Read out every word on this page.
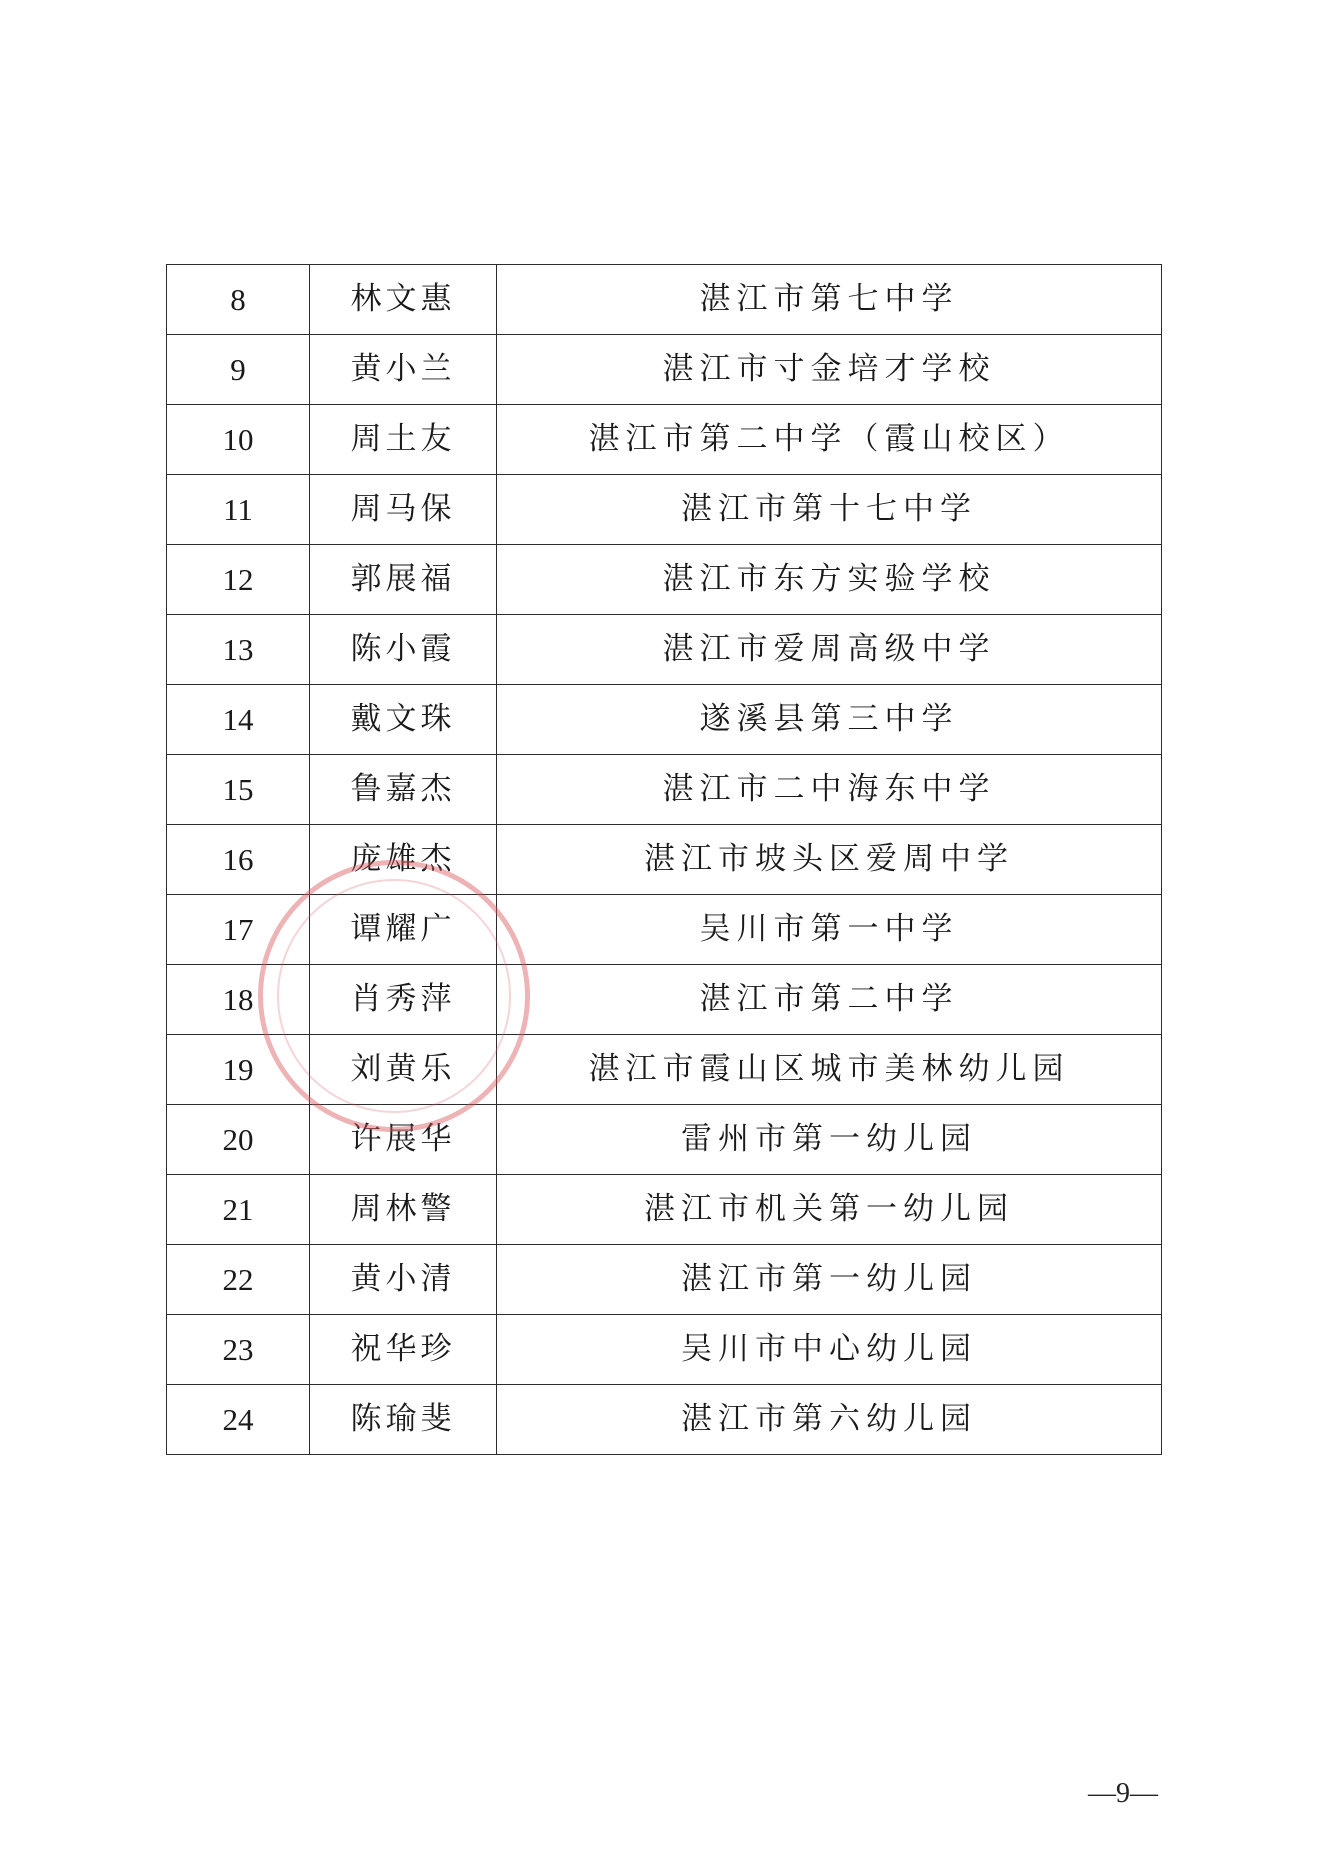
8	林文惠	湛江市第七中学
9	黄小兰	湛江市寸金培才学校
10	周土友	湛江市第二中学（霞山校区）
11	周马保	湛江市第十七中学
12	郭展福	湛江市东方实验学校
13	陈小霞	湛江市爱周高级中学
14	戴文珠	遂溪县第三中学
15	鲁嘉杰	湛江市二中海东中学
16	庞雄杰	湛江市坡头区爱周中学
17	谭耀广	吴川市第一中学
18	肖秀萍	湛江市第二中学
19	刘黄乐	湛江市霞山区城市美林幼儿园
20	许展华	雷州市第一幼儿园
21	周林警	湛江市机关第一幼儿园
22	黄小清	湛江市第一幼儿园
23	祝华珍	吴川市中心幼儿园
24	陈瑜斐	湛江市第六幼儿园
—9—
